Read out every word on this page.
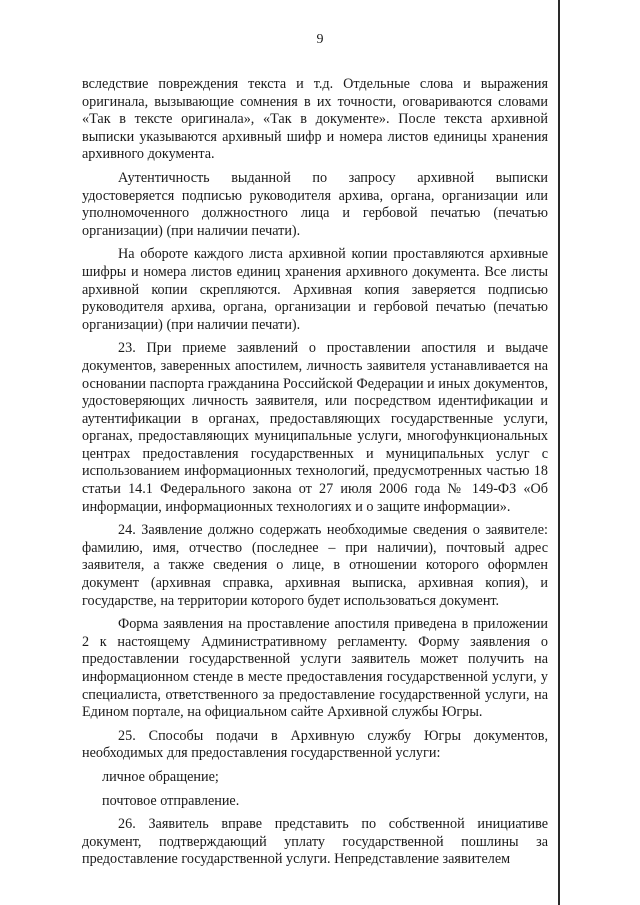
9

вследствие повреждения текста и т.д. Отдельные слова и выражения оригинала, вызывающие сомнения в их точности, оговариваются словами «Так в тексте оригинала», «Так в документе». После текста архивной выписки указываются архивный шифр и номера листов единицы хранения архивного документа.

Аутентичность выданной по запросу архивной выписки удостоверяется подписью руководителя архива, органа, организации или уполномоченного должностного лица и гербовой печатью (печатью организации) (при наличии печати).

На обороте каждого листа архивной копии проставляются архивные шифры и номера листов единиц хранения архивного документа. Все листы архивной копии скрепляются. Архивная копия заверяется подписью руководителя архива, органа, организации и гербовой печатью (печатью организации) (при наличии печати).

23. При приеме заявлений о проставлении апостиля и выдаче документов, заверенных апостилем, личность заявителя устанавливается на основании паспорта гражданина Российской Федерации и иных документов, удостоверяющих личность заявителя, или посредством идентификации и аутентификации в органах, предоставляющих государственные услуги, органах, предоставляющих муниципальные услуги, многофункциональных центрах предоставления государственных и муниципальных услуг с использованием информационных технологий, предусмотренных частью 18 статьи 14.1 Федерального закона от 27 июля 2006 года № 149-ФЗ «Об информации, информационных технологиях и о защите информации».

24. Заявление должно содержать необходимые сведения о заявителе: фамилию, имя, отчество (последнее – при наличии), почтовый адрес заявителя, а также сведения о лице, в отношении которого оформлен документ (архивная справка, архивная выписка, архивная копия), и государстве, на территории которого будет использоваться документ.

Форма заявления на проставление апостиля приведена в приложении 2 к настоящему Административному регламенту. Форму заявления о предоставлении государственной услуги заявитель может получить на информационном стенде в месте предоставления государственной услуги, у специалиста, ответственного за предоставление государственной услуги, на Едином портале, на официальном сайте Архивной службы Югры.

25. Способы подачи в Архивную службу Югры документов, необходимых для предоставления государственной услуги:

личное обращение;

почтовое отправление.

26. Заявитель вправе представить по собственной инициативе документ, подтверждающий уплату государственной пошлины за предоставление государственной услуги. Непредставление заявителем
